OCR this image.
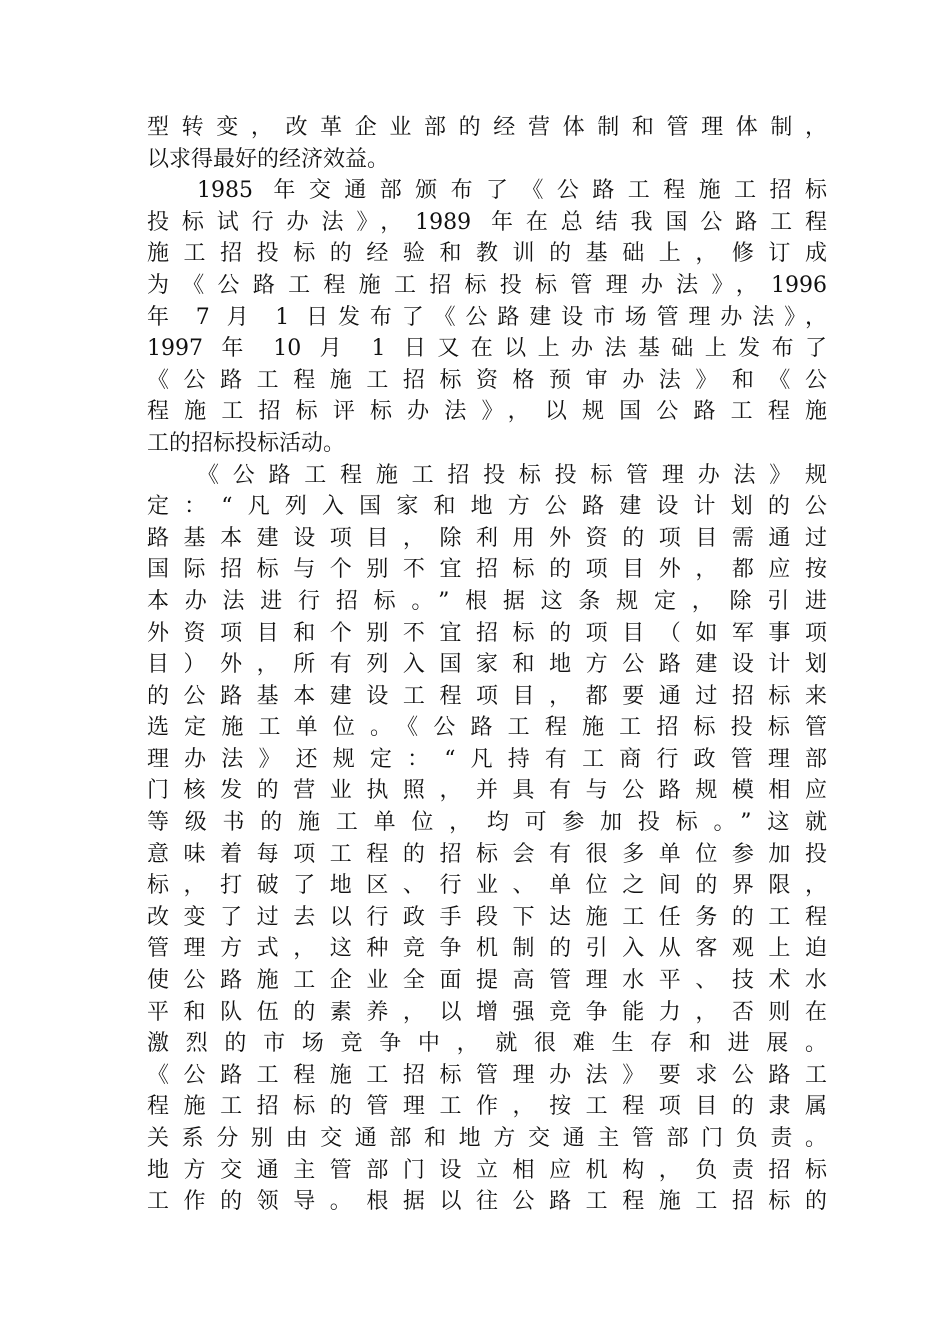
型转变，改革企业部的经营体制和管理体制，
以求得最好的经济效益。
1985 年交通部颁布了《公路工程施工招标
投标试行办法》，1989 年在总结我国公路工程
施工招投标的经验和教训的基础上，修订成
为《公路工程施工招标投标管理办法》，1996
年 7 月 1 日发布了《公路建设市场管理办法》，
1997 年 10 月 1 日又在以上办法基础上发布了
《公路工程施工招标资格预审办法》和《公
程施工招标评标办法》，以规国公路工程施
工的招标投标活动。
《公路工程施工招投标投标管理办法》规
定：“凡列入国家和地方公路建设计划的公
路基本建设项目，除利用外资的项目需通过
国际招标与个别不宜招标的项目外，都应按
本办法进行招标。”根据这条规定，除引进
外资项目和个别不宜招标的项目（如军事项
目）外，所有列入国家和地方公路建设计划
的公路基本建设工程项目，都要通过招标来
选定施工单位。《公路工程施工招标投标管
理办法》还规定：“凡持有工商行政管理部
门核发的营业执照，并具有与公路规模相应
等级书的施工单位，均可参加投标。”这就
意味着每项工程的招标会有很多单位参加投
标，打破了地区、行业、单位之间的界限，
改变了过去以行政手段下达施工任务的工程
管理方式，这种竞争机制的引入从客观上迫
使公路施工企业全面提高管理水平、技术水
平和队伍的素养，以增强竞争能力，否则在
激烈的市场竞争中，就很难生存和进展。
《公路工程施工招标管理办法》要求公路工
程施工招标的管理工作，按工程项目的隶属
关系分别由交通部和地方交通主管部门负责。
地方交通主管部门设立相应机构，负责招标
工作的领导。根据以往公路工程施工招标的
